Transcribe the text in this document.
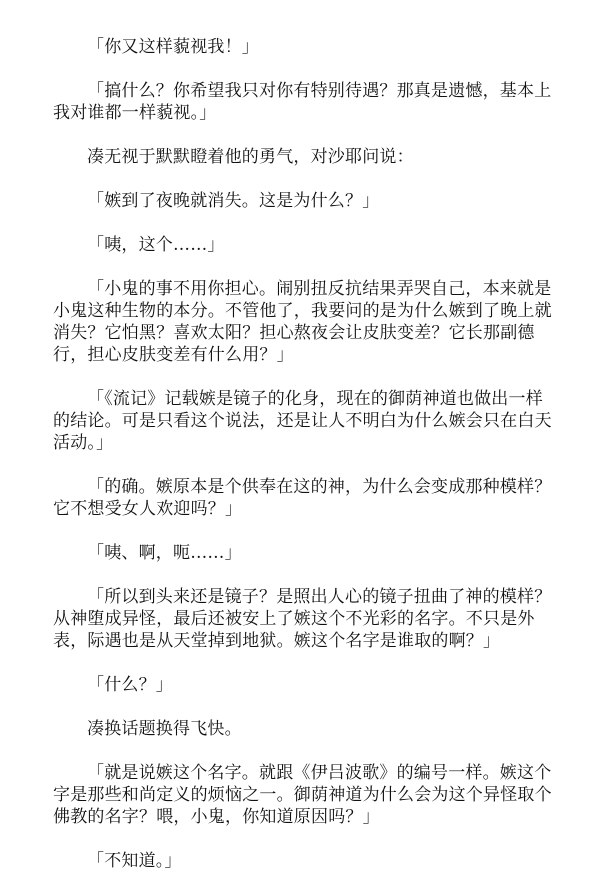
「你又这样藐视我！」

「搞什么？你希望我只对你有特别待遇？那真是遗憾，基本上
我对谁都一样藐视。」

凑无视于默默瞪着他的勇气，对沙耶问说：

「嫉到了夜晚就消失。这是为什么？」

「咦，这个……」

「小鬼的事不用你担心。闹别扭反抗结果弄哭自己，本来就是
小鬼这种生物的本分。不管他了，我要问的是为什么嫉到了晚上就
消失？它怕黑？喜欢太阳？担心熬夜会让皮肤变差？它长那副德
行，担心皮肤变差有什么用？」

「《流记》记载嫉是镜子的化身，现在的御荫神道也做出一样
的结论。可是只看这个说法，还是让人不明白为什么嫉会只在白天
活动。」

「的确。嫉原本是个供奉在这的神，为什么会变成那种模样？
它不想受女人欢迎吗？」

「咦、啊，呃……」

「所以到头来还是镜子？是照出人心的镜子扭曲了神的模样？
从神堕成异怪，最后还被安上了嫉这个不光彩的名字。不只是外
表，际遇也是从天堂掉到地狱。嫉这个名字是谁取的啊？」

「什么？」

凑换话题换得飞快。

「就是说嫉这个名字。就跟《伊吕波歌》的编号一样。嫉这个
字是那些和尚定义的烦恼之一。御荫神道为什么会为这个异怪取个
佛教的名字？喂，小鬼，你知道原因吗？」

「不知道。」
